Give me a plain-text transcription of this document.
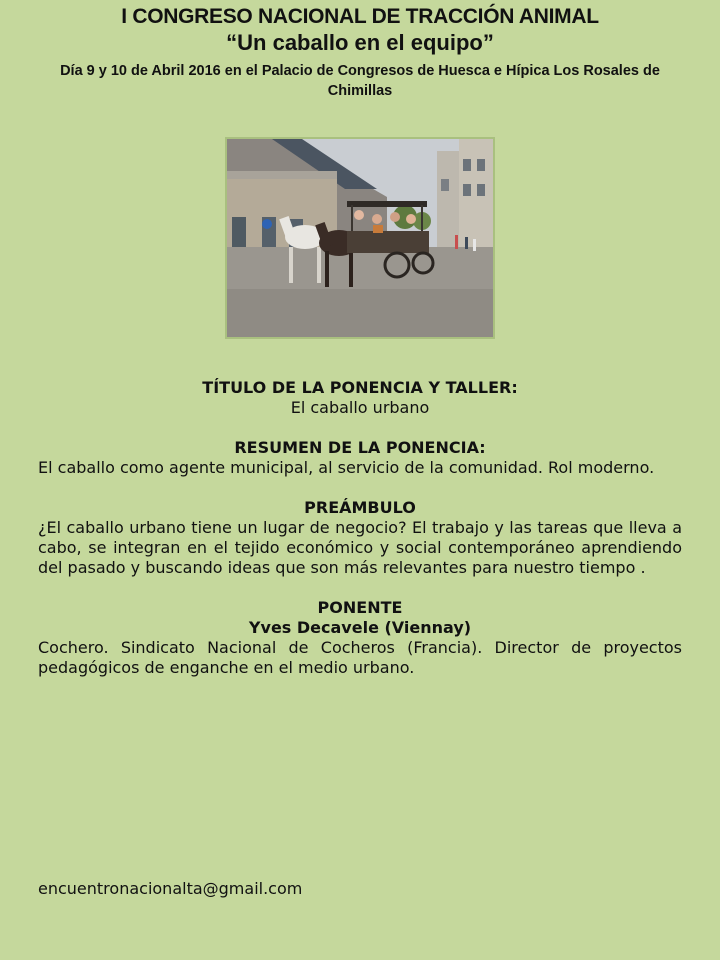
I CONGRESO NACIONAL DE TRACCIÓN ANIMAL
“Un caballo en el equipo”
Día 9 y 10 de Abril 2016 en el Palacio de Congresos de Huesca e Hípica Los Rosales de Chimillas
TÍTULO DE LA PONENCIA Y TALLER:
El caballo urbano
RESUMEN DE LA PONENCIA:
El caballo como agente municipal, al servicio de la comunidad. Rol moderno.
PREÁMBULO
¿El caballo urbano tiene un lugar de negocio? El trabajo y las tareas que lleva a cabo, se integran en el tejido económico y social contemporáneo aprendiendo del pasado y buscando ideas que son más relevantes para nuestro tiempo .
PONENTE
Yves Decavele (Viennay)
Cochero. Sindicato Nacional de Cocheros (Francia). Director de proyectos pedagógicos de enganche en el medio urbano.
encuentronacionalta@gmail.com
